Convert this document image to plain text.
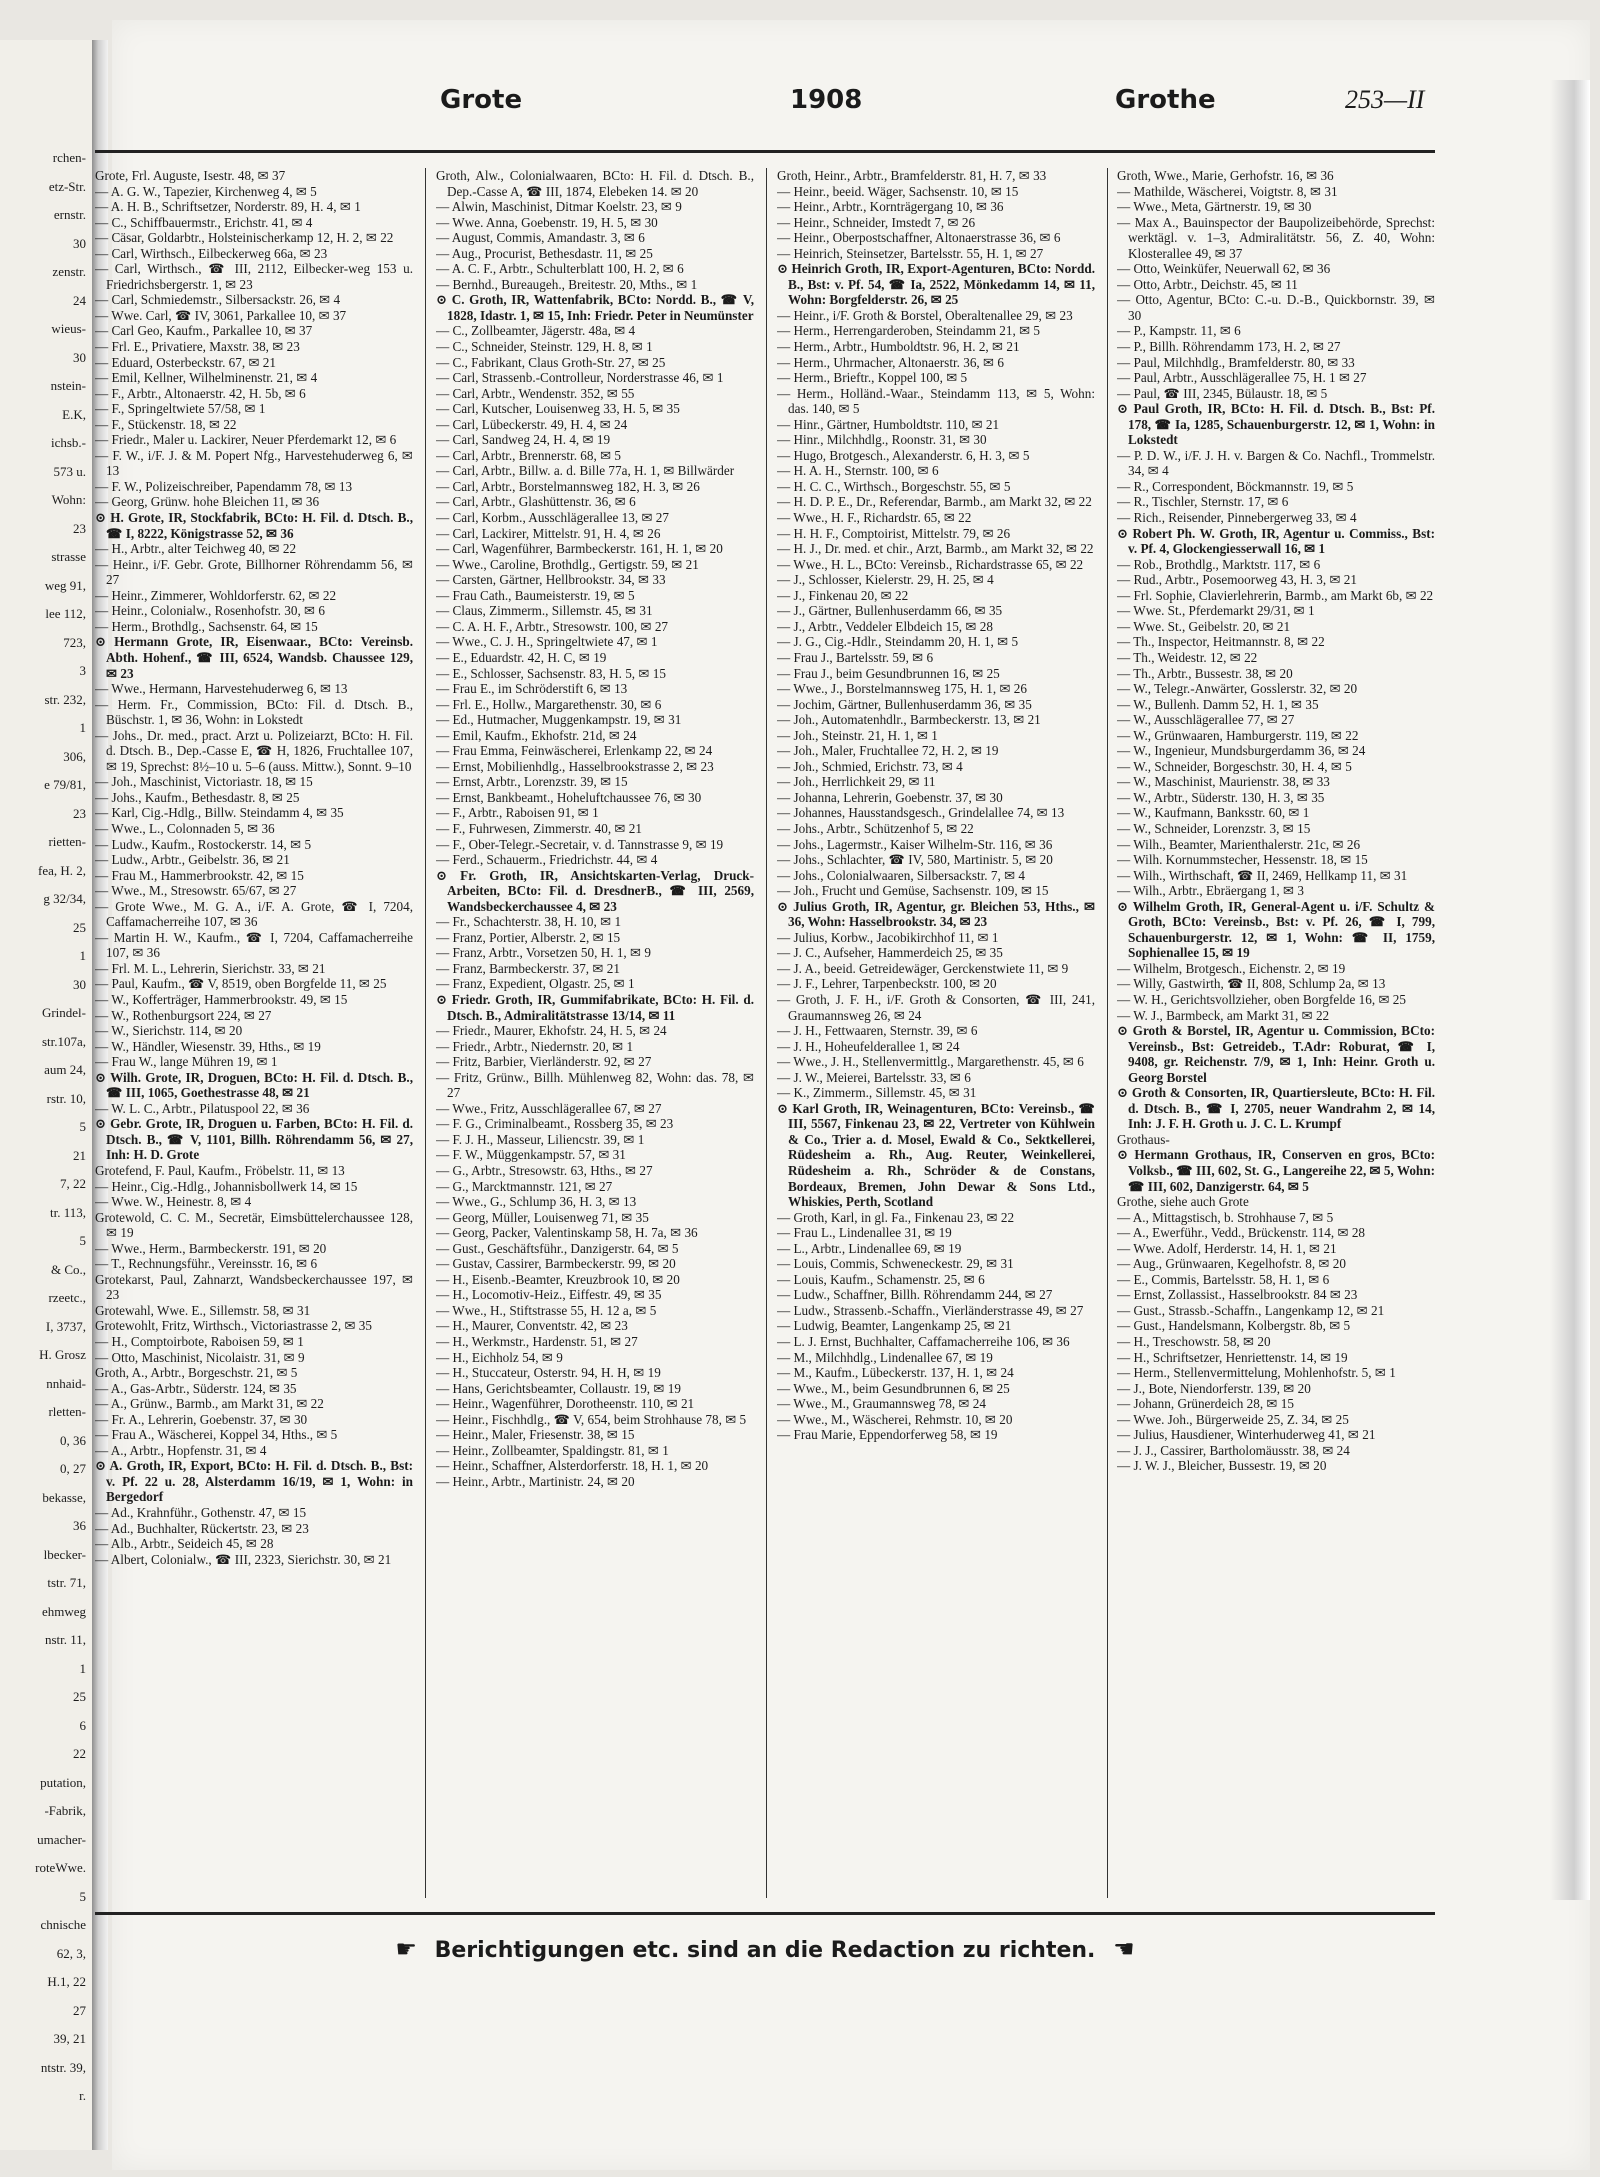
rchen-
etz-Str.
ernstr.
30
zenstr.
24
wieus-
30
nstein-
E.K,
ichsb.-
573 u.
Wohn:
23
strasse
weg 91,
lee 112,
723,
3
str. 232,
1
306,
e 79/81,
23
rietten-
fea, H. 2,
g 32/34,
25
1
30
Grindel-
str.107a,
aum 24,
rstr. 10,
5
21
7, 22
tr. 113,
5
& Co.,
rzeetc.,
I, 3737,
H. Grosz
nnhaid-
rletten-
0, 36
0, 27
bekasse,
36
lbecker-
tstr. 71,
ehmweg
nstr. 11,
1
25
6
22
putation,
-Fabrik,
umacher-
roteWwe.
5
chnische
62, 3,
H.1, 22
27
39, 21
ntstr. 39,
r.
Grote	1908	Grothe	253—II

Grote, Frl. Auguste, Isestr. 48, ✉ 37

— A. G. W., Tapezier, Kirchenweg 4, ✉ 5

— A. H. B., Schriftsetzer, Norderstr. 89, H. 4, ✉ 1

— C., Schiffbauermstr., Erichstr. 41, ✉ 4

— Cäsar, Goldarbtr., Holsteinischerkamp 12, H. 2, ✉ 22

— Carl, Wirthsch., Eilbeckerweg 66a, ✉ 23

— Carl, Wirthsch., ☎ III, 2112, Eilbecker-weg 153 u. Friedrichsbergerstr. 1, ✉ 23

— Carl, Schmiedemstr., Silbersackstr. 26, ✉ 4

— Wwe. Carl, ☎ IV, 3061, Parkallee 10, ✉ 37

— Carl Geo, Kaufm., Parkallee 10, ✉ 37

— Frl. E., Privatiere, Maxstr. 38, ✉ 23

— Eduard, Osterbeckstr. 67, ✉ 21

— Emil, Kellner, Wilhelminenstr. 21, ✉ 4

— F., Arbtr., Altonaerstr. 42, H. 5b, ✉ 6

— F., Springeltwiete 57/58, ✉ 1

— F., Stückenstr. 18, ✉ 22

— Friedr., Maler u. Lackirer, Neuer Pferdemarkt 12, ✉ 6

— F. W., i/F. J. & M. Popert Nfg., Harvestehuderweg 6, ✉ 13

— F. W., Polizeischreiber, Papendamm 78, ✉ 13

— Georg, Grünw. hohe Bleichen 11, ✉ 36

⊙ H. Grote, IR, Stockfabrik, BCto: H. Fil. d. Dtsch. B., ☎ I, 8222, Königstrasse 52, ✉ 36

— H., Arbtr., alter Teichweg 40, ✉ 22

— Heinr., i/F. Gebr. Grote, Billhorner Röhrendamm 56, ✉ 27

— Heinr., Zimmerer, Wohldorferstr. 62, ✉ 22

— Heinr., Colonialw., Rosenhofstr. 30, ✉ 6

— Herm., Brothdlg., Sachsenstr. 64, ✉ 15

⊙ Hermann Grote, IR, Eisenwaar., BCto: Vereinsb. Abth. Hohenf., ☎ III, 6524, Wandsb. Chaussee 129, ✉ 23

— Wwe., Hermann, Harvestehuderweg 6, ✉ 13

— Herm. Fr., Commission, BCto: Fil. d. Dtsch. B., Büschstr. 1, ✉ 36, Wohn: in Lokstedt

— Johs., Dr. med., pract. Arzt u. Polizeiarzt, BCto: H. Fil. d. Dtsch. B., Dep.-Casse E, ☎ H, 1826, Fruchtallee 107, ✉ 19, Sprechst: 8½–10 u. 5–6 (auss. Mittw.), Sonnt. 9–10

— Joh., Maschinist, Victoriastr. 18, ✉ 15

— Johs., Kaufm., Bethesdastr. 8, ✉ 25

— Karl, Cig.-Hdlg., Billw. Steindamm 4, ✉ 35

— Wwe., L., Colonnaden 5, ✉ 36

— Ludw., Kaufm., Rostockerstr. 14, ✉ 5

— Ludw., Arbtr., Geibelstr. 36, ✉ 21

— Frau M., Hammerbrookstr. 42, ✉ 15

— Wwe., M., Stresowstr. 65/67, ✉ 27

— Grote Wwe., M. G. A., i/F. A. Grote, ☎ I, 7204, Caffamacherreihe 107, ✉ 36

— Martin H. W., Kaufm., ☎ I, 7204, Caffamacherreihe 107, ✉ 36

— Frl. M. L., Lehrerin, Sierichstr. 33, ✉ 21

— Paul, Kaufm., ☎ V, 8519, oben Borgfelde 11, ✉ 25

— W., Kofferträger, Hammerbrookstr. 49, ✉ 15

— W., Rothenburgsort 224, ✉ 27

— W., Sierichstr. 114, ✉ 20

— W., Händler, Wiesenstr. 39, Hths., ✉ 19

— Frau W., lange Mühren 19, ✉ 1

⊙ Wilh. Grote, IR, Droguen, BCto: H. Fil. d. Dtsch. B., ☎ III, 1065, Goethestrasse 48, ✉ 21

— W. L. C., Arbtr., Pilatuspool 22, ✉ 36

⊙ Gebr. Grote, IR, Droguen u. Farben, BCto: H. Fil. d. Dtsch. B., ☎ V, 1101, Billh. Röhrendamm 56, ✉ 27, Inh: H. D. Grote

Grotefend, F. Paul, Kaufm., Fröbelstr. 11, ✉ 13

— Heinr., Cig.-Hdlg., Johannisbollwerk 14, ✉ 15

— Wwe. W., Heinestr. 8, ✉ 4

Grotewold, C. C. M., Secretär, Eimsbüttelerchaussee 128, ✉ 19

— Wwe., Herm., Barmbeckerstr. 191, ✉ 20

— T., Rechnungsführ., Vereinsstr. 16, ✉ 6

Grotekarst, Paul, Zahnarzt, Wandsbeckerchaussee 197, ✉ 23

Grotewahl, Wwe. E., Sillemstr. 58, ✉ 31

Grotewohlt, Fritz, Wirthsch., Victoriastrasse 2, ✉ 35

— H., Comptoirbote, Raboisen 59, ✉ 1

— Otto, Maschinist, Nicolaistr. 31, ✉ 9

Groth, A., Arbtr., Borgeschstr. 21, ✉ 5

— A., Gas-Arbtr., Süderstr. 124, ✉ 35

— A., Grünw., Barmb., am Markt 31, ✉ 22

— Fr. A., Lehrerin, Goebenstr. 37, ✉ 30

— Frau A., Wäscherei, Koppel 34, Hths., ✉ 5

— A., Arbtr., Hopfenstr. 31, ✉ 4

⊙ A. Groth, IR, Export, BCto: H. Fil. d. Dtsch. B., Bst: v. Pf. 22 u. 28, Alsterdamm 16/19, ✉ 1, Wohn: in Bergedorf

— Ad., Krahnführ., Gothenstr. 47, ✉ 15

— Ad., Buchhalter, Rückertstr. 23, ✉ 23

— Alb., Arbtr., Seideich 45, ✉ 28

— Albert, Colonialw., ☎ III, 2323, Sierichstr. 30, ✉ 21

Groth, Alw., Colonialwaaren, BCto: H. Fil. d. Dtsch. B., Dep.-Casse A, ☎ III, 1874, Elebeken 14. ✉ 20

— Alwin, Maschinist, Ditmar Koelstr. 23, ✉ 9

— Wwe. Anna, Goebenstr. 19, H. 5, ✉ 30

— August, Commis, Amandastr. 3, ✉ 6

— Aug., Procurist, Bethesdastr. 11, ✉ 25

— A. C. F., Arbtr., Schulterblatt 100, H. 2, ✉ 6

— Bernhd., Bureaugeh., Breitestr. 20, Mths., ✉ 1

⊙ C. Groth, IR, Wattenfabrik, BCto: Nordd. B., ☎ V, 1828, Idastr. 1, ✉ 15, Inh: Friedr. Peter in Neumünster

— C., Zollbeamter, Jägerstr. 48a, ✉ 4

— C., Schneider, Steinstr. 129, H. 8, ✉ 1

— C., Fabrikant, Claus Groth-Str. 27, ✉ 25

— Carl, Strassenb.-Controlleur, Norderstrasse 46, ✉ 1

— Carl, Arbtr., Wendenstr. 352, ✉ 55

— Carl, Kutscher, Louisenweg 33, H. 5, ✉ 35

— Carl, Lübeckerstr. 49, H. 4, ✉ 24

— Carl, Sandweg 24, H. 4, ✉ 19

— Carl, Arbtr., Brennerstr. 68, ✉ 5

— Carl, Arbtr., Billw. a. d. Bille 77a, H. 1, ✉ Billwärder

— Carl, Arbtr., Borstelmannsweg 182, H. 3, ✉ 26

— Carl, Arbtr., Glashüttenstr. 36, ✉ 6

— Carl, Korbm., Ausschlägerallee 13, ✉ 27

— Carl, Lackirer, Mittelstr. 91, H. 4, ✉ 26

— Carl, Wagenführer, Barmbeckerstr. 161, H. 1, ✉ 20

— Wwe., Caroline, Brothdlg., Gertigstr. 59, ✉ 21

— Carsten, Gärtner, Hellbrookstr. 34, ✉ 33

— Frau Cath., Baumeisterstr. 19, ✉ 5

— Claus, Zimmerm., Sillemstr. 45, ✉ 31

— C. A. H. F., Arbtr., Stresowstr. 100, ✉ 27

— Wwe., C. J. H., Springeltwiete 47, ✉ 1

— E., Eduardstr. 42, H. C, ✉ 19

— E., Schlosser, Sachsenstr. 83, H. 5, ✉ 15

— Frau E., im Schröderstift 6, ✉ 13

— Frl. E., Hollw., Margarethenstr. 30, ✉ 6

— Ed., Hutmacher, Muggenkampstr. 19, ✉ 31

— Emil, Kaufm., Ekhofstr. 21d, ✉ 24

— Frau Emma, Feinwäscherei, Erlenkamp 22, ✉ 24

— Ernst, Mobilienhdlg., Hasselbrookstrasse 2, ✉ 23

— Ernst, Arbtr., Lorenzstr. 39, ✉ 15

— Ernst, Bankbeamt., Hoheluftchaussee 76, ✉ 30

— F., Arbtr., Raboisen 91, ✉ 1

— F., Fuhrwesen, Zimmerstr. 40, ✉ 21

— F., Ober-Telegr.-Secretair, v. d. Tannstrasse 9, ✉ 19

— Ferd., Schauerm., Friedrichstr. 44, ✉ 4

⊙ Fr. Groth, IR, Ansichtskarten-Verlag, Druck-Arbeiten, BCto: Fil. d. DresdnerB., ☎ III, 2569, Wandsbeckerchaussee 4, ✉ 23

— Fr., Schachterstr. 38, H. 10, ✉ 1

— Franz, Portier, Alberstr. 2, ✉ 15

— Franz, Arbtr., Vorsetzen 50, H. 1, ✉ 9

— Franz, Barmbeckerstr. 37, ✉ 21

— Franz, Expedient, Olgastr. 25, ✉ 1

⊙ Friedr. Groth, IR, Gummifabrikate, BCto: H. Fil. d. Dtsch. B., Admiralitätstrasse 13/14, ✉ 11

— Friedr., Maurer, Ekhofstr. 24, H. 5, ✉ 24

— Friedr., Arbtr., Niedernstr. 20, ✉ 1

— Fritz, Barbier, Vierländerstr. 92, ✉ 27

— Fritz, Grünw., Billh. Mühlenweg 82, Wohn: das. 78, ✉ 27

— Wwe., Fritz, Ausschlägerallee 67, ✉ 27

— F. G., Criminalbeamt., Rossberg 35, ✉ 23

— F. J. H., Masseur, Liliencstr. 39, ✉ 1

— F. W., Müggenkampstr. 57, ✉ 31

— G., Arbtr., Stresowstr. 63, Hths., ✉ 27

— G., Marcktmannstr. 121, ✉ 27

— Wwe., G., Schlump 36, H. 3, ✉ 13

— Georg, Müller, Louisenweg 71, ✉ 35

— Georg, Packer, Valentinskamp 58, H. 7a, ✉ 36

— Gust., Geschäftsführ., Danzigerstr. 64, ✉ 5

— Gustav, Cassirer, Barmbeckerstr. 99, ✉ 20

— H., Eisenb.-Beamter, Kreuzbrook 10, ✉ 20

— H., Locomotiv-Heiz., Eiffestr. 49, ✉ 35

— Wwe., H., Stiftstrasse 55, H. 12 a, ✉ 5

— H., Maurer, Conventstr. 42, ✉ 23

— H., Werkmstr., Hardenstr. 51, ✉ 27

— H., Eichholz 54, ✉ 9

— H., Stuccateur, Osterstr. 94, H. H, ✉ 19

— Hans, Gerichtsbeamter, Collaustr. 19, ✉ 19

— Heinr., Wagenführer, Dorotheenstr. 110, ✉ 21

— Heinr., Fischhdlg., ☎ V, 654, beim Strohhause 78, ✉ 5

— Heinr., Maler, Friesenstr. 38, ✉ 15

— Heinr., Zollbeamter, Spaldingstr. 81, ✉ 1

— Heinr., Schaffner, Alsterdorferstr. 18, H. 1, ✉ 20

— Heinr., Arbtr., Martinistr. 24, ✉ 20

Groth, Heinr., Arbtr., Bramfelderstr. 81, H. 7, ✉ 33

— Heinr., beeid. Wäger, Sachsenstr. 10, ✉ 15

— Heinr., Arbtr., Kornträgergang 10, ✉ 36

— Heinr., Schneider, Imstedt 7, ✉ 26

— Heinr., Oberpostschaffner, Altonaerstrasse 36, ✉ 6

— Heinrich, Steinsetzer, Bartelsstr. 55, H. 1, ✉ 27

⊙ Heinrich Groth, IR, Export-Agenturen, BCto: Nordd. B., Bst: v. Pf. 54, ☎ Ia, 2522, Mönkedamm 14, ✉ 11, Wohn: Borgfelderstr. 26, ✉ 25

— Heinr., i/F. Groth & Borstel, Oberaltenallee 29, ✉ 23

— Herm., Herrengarderoben, Steindamm 21, ✉ 5

— Herm., Arbtr., Humboldtstr. 96, H. 2, ✉ 21

— Herm., Uhrmacher, Altonaerstr. 36, ✉ 6

— Herm., Brieftr., Koppel 100, ✉ 5

— Herm., Holländ.-Waar., Steindamm 113, ✉ 5, Wohn: das. 140, ✉ 5

— Hinr., Gärtner, Humboldtstr. 110, ✉ 21

— Hinr., Milchhdlg., Roonstr. 31, ✉ 30

— Hugo, Brotgesch., Alexanderstr. 6, H. 3, ✉ 5

— H. A. H., Sternstr. 100, ✉ 6

— H. C. C., Wirthsch., Borgeschstr. 55, ✉ 5

— H. D. P. E., Dr., Referendar, Barmb., am Markt 32, ✉ 22

— Wwe., H. F., Richardstr. 65, ✉ 22

— H. H. F., Comptoirist, Mittelstr. 79, ✉ 26

— H. J., Dr. med. et chir., Arzt, Barmb., am Markt 32, ✉ 22

— Wwe., H. L., BCto: Vereinsb., Richardstrasse 65, ✉ 22

— J., Schlosser, Kielerstr. 29, H. 25, ✉ 4

— J., Finkenau 20, ✉ 22

— J., Gärtner, Bullenhuserdamm 66, ✉ 35

— J., Arbtr., Veddeler Elbdeich 15, ✉ 28

— J. G., Cig.-Hdlr., Steindamm 20, H. 1, ✉ 5

— Frau J., Bartelsstr. 59, ✉ 6

— Frau J., beim Gesundbrunnen 16, ✉ 25

— Wwe., J., Borstelmannsweg 175, H. 1, ✉ 26

— Jochim, Gärtner, Bullenhuserdamm 36, ✉ 35

— Joh., Automatenhdlr., Barmbeckerstr. 13, ✉ 21

— Joh., Steinstr. 21, H. 1, ✉ 1

— Joh., Maler, Fruchtallee 72, H. 2, ✉ 19

— Joh., Schmied, Erichstr. 73, ✉ 4

— Joh., Herrlichkeit 29, ✉ 11

— Johanna, Lehrerin, Goebenstr. 37, ✉ 30

— Johannes, Hausstandsgesch., Grindelallee 74, ✉ 13

— Johs., Arbtr., Schützenhof 5, ✉ 22

— Johs., Lagermstr., Kaiser Wilhelm-Str. 116, ✉ 36

— Johs., Schlachter, ☎ IV, 580, Martinistr. 5, ✉ 20

— Johs., Colonialwaaren, Silbersackstr. 7, ✉ 4

— Joh., Frucht und Gemüse, Sachsenstr. 109, ✉ 15

⊙ Julius Groth, IR, Agentur, gr. Bleichen 53, Hths., ✉ 36, Wohn: Hasselbrookstr. 34, ✉ 23

— Julius, Korbw., Jacobikirchhof 11, ✉ 1

— J. C., Aufseher, Hammerdeich 25, ✉ 35

— J. A., beeid. Getreidewäger, Gerckenstwiete 11, ✉ 9

— J. F., Lehrer, Tarpenbeckstr. 100, ✉ 20

— Groth, J. F. H., i/F. Groth & Consorten, ☎ III, 241, Graumannsweg 26, ✉ 24

— J. H., Fettwaaren, Sternstr. 39, ✉ 6

— J. H., Hoheufelderallee 1, ✉ 24

— Wwe., J. H., Stellenvermittlg., Margarethenstr. 45, ✉ 6

— J. W., Meierei, Bartelsstr. 33, ✉ 6

— K., Zimmerm., Sillemstr. 45, ✉ 31

⊙ Karl Groth, IR, Weinagenturen, BCto: Vereinsb., ☎ III, 5567, Finkenau 23, ✉ 22, Vertreter von Kühlwein & Co., Trier a. d. Mosel, Ewald & Co., Sektkellerei, Rüdesheim a. Rh., Aug. Reuter, Weinkellerei, Rüdesheim a. Rh., Schröder & de Constans, Bordeaux, Bremen, John Dewar & Sons Ltd., Whiskies, Perth, Scotland

— Groth, Karl, in gl. Fa., Finkenau 23, ✉ 22

— Frau L., Lindenallee 31, ✉ 19

— L., Arbtr., Lindenallee 69, ✉ 19

— Louis, Commis, Schweneckestr. 29, ✉ 31

— Louis, Kaufm., Schamenstr. 25, ✉ 6

— Ludw., Schaffner, Billh. Röhrendamm 244, ✉ 27

— Ludw., Strassenb.-Schaffn., Vierländerstrasse 49, ✉ 27

— Ludwig, Beamter, Langenkamp 25, ✉ 21

— L. J. Ernst, Buchhalter, Caffamacherreihe 106, ✉ 36

— M., Milchhdlg., Lindenallee 67, ✉ 19

— M., Kaufm., Lübeckerstr. 137, H. 1, ✉ 24

— Wwe., M., beim Gesundbrunnen 6, ✉ 25

— Wwe., M., Graumannsweg 78, ✉ 24

— Wwe., M., Wäscherei, Rehmstr. 10, ✉ 20

— Frau Marie, Eppendorferweg 58, ✉ 19

Groth, Wwe., Marie, Gerhofstr. 16, ✉ 36

— Mathilde, Wäscherei, Voigtstr. 8, ✉ 31

— Wwe., Meta, Gärtnerstr. 19, ✉ 30

— Max A., Bauinspector der Baupolizeibehörde, Sprechst: werktägl. v. 1–3, Admiralitätstr. 56, Z. 40, Wohn: Klosterallee 49, ✉ 37

— Otto, Weinküfer, Neuerwall 62, ✉ 36

— Otto, Arbtr., Deichstr. 45, ✉ 11

— Otto, Agentur, BCto: C.-u. D.-B., Quickbornstr. 39, ✉ 30

— P., Kampstr. 11, ✉ 6

— P., Billh. Röhrendamm 173, H. 2, ✉ 27

— Paul, Milchhdlg., Bramfelderstr. 80, ✉ 33

— Paul, Arbtr., Ausschlägerallee 75, H. 1 ✉ 27

— Paul, ☎ III, 2345, Bülaustr. 18, ✉ 5

⊙ Paul Groth, IR, BCto: H. Fil. d. Dtsch. B., Bst: Pf. 178, ☎ Ia, 1285, Schauenburgerstr. 12, ✉ 1, Wohn: in Lokstedt

— P. D. W., i/F. J. H. v. Bargen & Co. Nachfl., Trommelstr. 34, ✉ 4

— R., Correspondent, Böckmannstr. 19, ✉ 5

— R., Tischler, Sternstr. 17, ✉ 6

— Rich., Reisender, Pinnebergerweg 33, ✉ 4

⊙ Robert Ph. W. Groth, IR, Agentur u. Commiss., Bst: v. Pf. 4, Glockengiesserwall 16, ✉ 1

— Rob., Brothdlg., Marktstr. 117, ✉ 6

— Rud., Arbtr., Posemoorweg 43, H. 3, ✉ 21

— Frl. Sophie, Clavierlehrerin, Barmb., am Markt 6b, ✉ 22

— Wwe. St., Pferdemarkt 29/31, ✉ 1

— Wwe. St., Geibelstr. 20, ✉ 21

— Th., Inspector, Heitmannstr. 8, ✉ 22

— Th., Weidestr. 12, ✉ 22

— Th., Arbtr., Bussestr. 38, ✉ 20

— W., Telegr.-Anwärter, Gosslerstr. 32, ✉ 20

— W., Bullenh. Damm 52, H. 1, ✉ 35

— W., Ausschlägerallee 77, ✉ 27

— W., Grünwaaren, Hamburgerstr. 119, ✉ 22

— W., Ingenieur, Mundsburgerdamm 36, ✉ 24

— W., Schneider, Borgeschstr. 30, H. 4, ✉ 5

— W., Maschinist, Maurienstr. 38, ✉ 33

— W., Arbtr., Süderstr. 130, H. 3, ✉ 35

— W., Kaufmann, Banksstr. 60, ✉ 1

— W., Schneider, Lorenzstr. 3, ✉ 15

— Wilh., Beamter, Marienthalerstr. 21c, ✉ 26

— Wilh. Kornummstecher, Hessenstr. 18, ✉ 15

— Wilh., Wirthschaft, ☎ II, 2469, Hellkamp 11, ✉ 31

— Wilh., Arbtr., Ebräergang 1, ✉ 3

⊙ Wilhelm Groth, IR, General-Agent u. i/F. Schultz & Groth, BCto: Vereinsb., Bst: v. Pf. 26, ☎ I, 799, Schauenburgerstr. 12, ✉ 1, Wohn: ☎ II, 1759, Sophienallee 15, ✉ 19

— Wilhelm, Brotgesch., Eichenstr. 2, ✉ 19

— Willy, Gastwirth, ☎ II, 808, Schlump 2a, ✉ 13

— W. H., Gerichtsvollzieher, oben Borgfelde 16, ✉ 25

— W. J., Barmbeck, am Markt 31, ✉ 22

⊙ Groth & Borstel, IR, Agentur u. Commission, BCto: Vereinsb., Bst: Getreideb., T.Adr: Roburat, ☎ I, 9408, gr. Reichenstr. 7/9, ✉ 1, Inh: Heinr. Groth u. Georg Borstel

⊙ Groth & Consorten, IR, Quartiersleute, BCto: H. Fil. d. Dtsch. B., ☎ I, 2705, neuer Wandrahm 2, ✉ 14, Inh: J. F. H. Groth u. J. C. L. Krumpf

Grothaus-

⊙ Hermann Grothaus, IR, Conserven en gros, BCto: Volksb., ☎ III, 602, St. G., Langereihe 22, ✉ 5, Wohn: ☎ III, 602, Danzigerstr. 64, ✉ 5

Grothe, siehe auch Grote

— A., Mittagstisch, b. Strohhause 7, ✉ 5

— A., Ewerführ., Vedd., Brückenstr. 114, ✉ 28

— Wwe. Adolf, Herderstr. 14, H. 1, ✉ 21

— Aug., Grünwaaren, Kegelhofstr. 8, ✉ 20

— E., Commis, Bartelsstr. 58, H. 1, ✉ 6

— Ernst, Zollassist., Hasselbrookstr. 84 ✉ 23

— Gust., Strassb.-Schaffn., Langenkamp 12, ✉ 21

— Gust., Handelsmann, Kolbergstr. 8b, ✉ 5

— H., Treschowstr. 58, ✉ 20

— H., Schriftsetzer, Henriettenstr. 14, ✉ 19

— Herm., Stellenvermittelung, Mohlenhofstr. 5, ✉ 1

— J., Bote, Niendorferstr. 139, ✉ 20

— Johann, Grünerdeich 28, ✉ 15

— Wwe. Joh., Bürgerweide 25, Z. 34, ✉ 25

— Julius, Hausdiener, Winterhuderweg 41, ✉ 21

— J. J., Cassirer, Bartholomäusstr. 38, ✉ 24

— J. W. J., Bleicher, Bussestr. 19, ✉ 20

☛ Berichtigungen etc. sind an die Redaction zu richten. ☚
